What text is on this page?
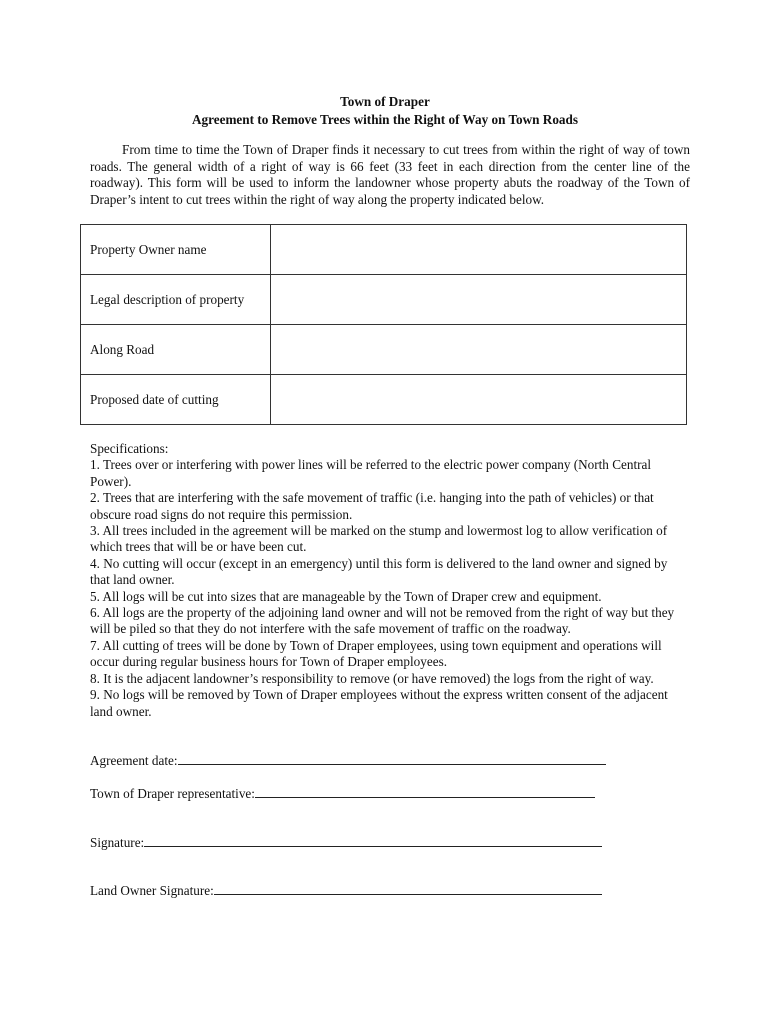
Town of Draper
Agreement to Remove Trees within the Right of Way on Town Roads
From time to time the Town of Draper finds it necessary to cut trees from within the right of way of town roads. The general width of a right of way is 66 feet (33 feet in each direction from the center line of the roadway). This form will be used to inform the landowner whose property abuts the roadway of the Town of Draper’s intent to cut trees within the right of way along the property indicated below.
Property Owner name	
Legal description of property	
Along Road	
Proposed date of cutting	

Specifications:

1. Trees over or interfering with power lines will be referred to the electric power company (North Central Power).

2. Trees that are interfering with the safe movement of traffic (i.e. hanging into the path of vehicles) or that obscure road signs do not require this permission.

3. All trees included in the agreement will be marked on the stump and lowermost log to allow verification of which trees that will be or have been cut.

4. No cutting will occur (except in an emergency) until this form is delivered to the land owner and signed by that land owner.

5. All logs will be cut into sizes that are manageable by the Town of Draper crew and equipment.

6. All logs are the property of the adjoining land owner and will not be removed from the right of way but they will be piled so that they do not interfere with the safe movement of traffic on the roadway.

7. All cutting of trees will be done by Town of Draper employees, using town equipment and operations will occur during regular business hours for Town of Draper employees.

8. It is the adjacent landowner’s responsibility to remove (or have removed) the logs from the right of way.

9. No logs will be removed by Town of Draper employees without the express written consent of the adjacent land owner.

Agreement date:
Town of Draper representative:
Signature:
Land Owner Signature:
